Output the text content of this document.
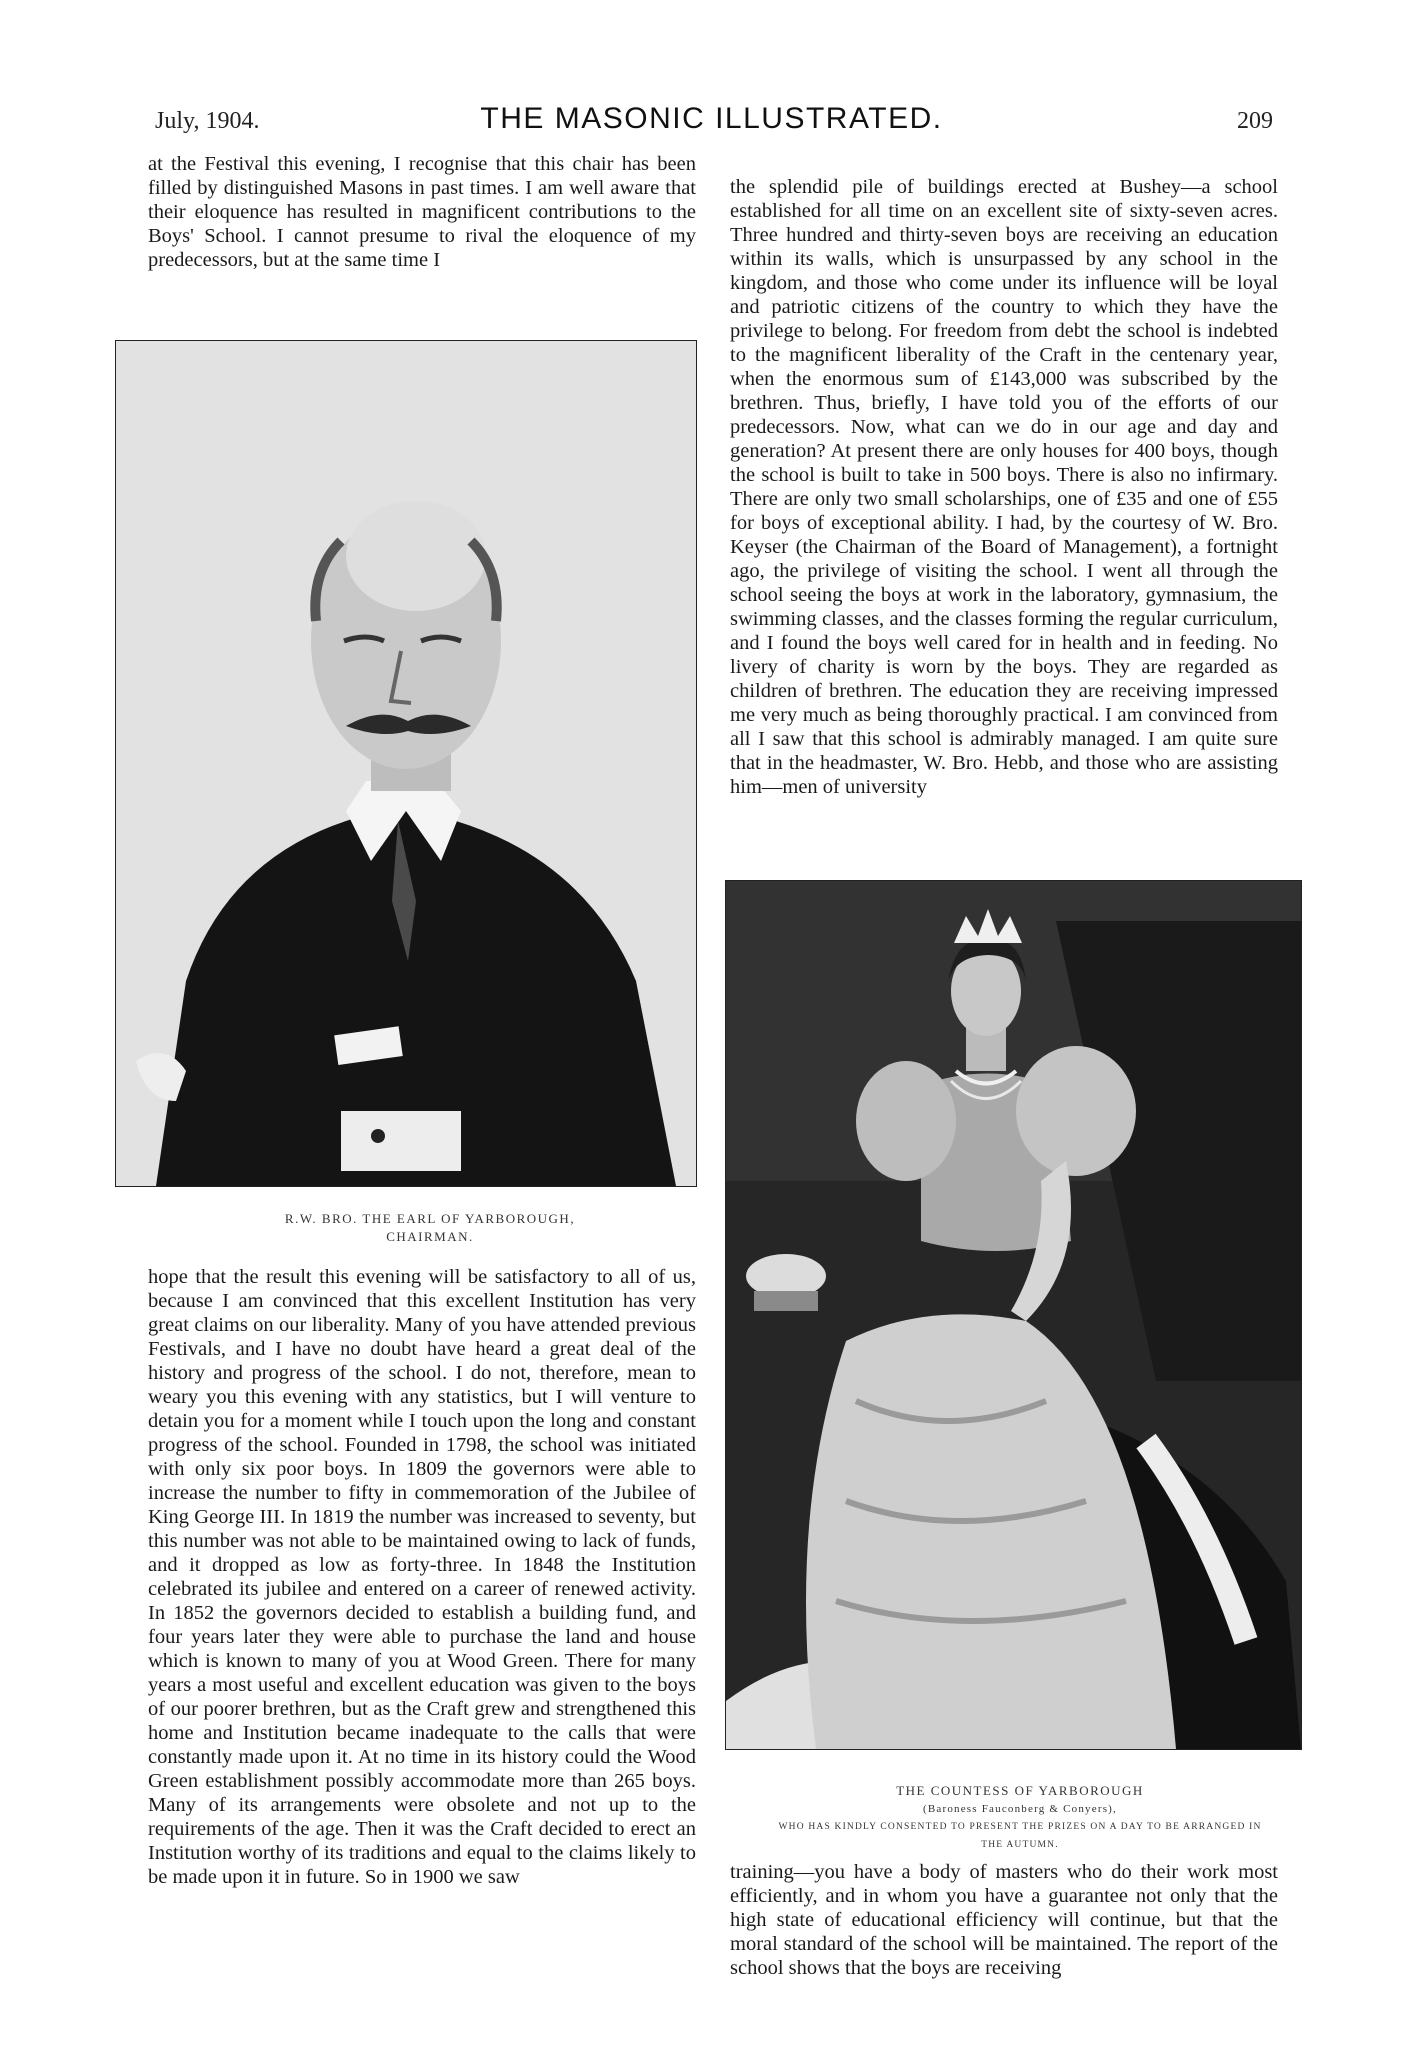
July, 1904.	THE MASONIC ILLUSTRATED.	209

at the Festival this evening, I recognise that this chair has been filled by distinguished Masons in past times. I am well aware that their eloquence has resulted in magnificent contributions to the Boys' School. I cannot presume to rival the eloquence of my predecessors, but at the same time I

R.W. BRO. THE EARL OF YARBOROUGH,
CHAIRMAN.

hope that the result this evening will be satisfactory to all of us, because I am convinced that this excellent Institution has very great claims on our liberality. Many of you have attended previous Festivals, and I have no doubt have heard a great deal of the history and progress of the school. I do not, therefore, mean to weary you this evening with any statistics, but I will venture to detain you for a moment while I touch upon the long and constant progress of the school. Founded in 1798, the school was initiated with only six poor boys. In 1809 the governors were able to increase the number to fifty in commemoration of the Jubilee of King George III. In 1819 the number was increased to seventy, but this number was not able to be maintained owing to lack of funds, and it dropped as low as forty-three. In 1848 the Institution celebrated its jubilee and entered on a career of renewed activity. In 1852 the governors decided to establish a building fund, and four years later they were able to purchase the land and house which is known to many of you at Wood Green. There for many years a most useful and excellent education was given to the boys of our poorer brethren, but as the Craft grew and strengthened this home and Institution became inadequate to the calls that were constantly made upon it. At no time in its history could the Wood Green establishment possibly accommodate more than 265 boys. Many of its arrangements were obsolete and not up to the requirements of the age. Then it was the Craft decided to erect an Institution worthy of its traditions and equal to the claims likely to be made upon it in future. So in 1900 we saw

the splendid pile of buildings erected at Bushey—a school established for all time on an excellent site of sixty-seven acres. Three hundred and thirty-seven boys are receiving an education within its walls, which is unsurpassed by any school in the kingdom, and those who come under its influence will be loyal and patriotic citizens of the country to which they have the privilege to belong. For freedom from debt the school is indebted to the magnificent liberality of the Craft in the centenary year, when the enormous sum of £143,000 was subscribed by the brethren. Thus, briefly, I have told you of the efforts of our predecessors. Now, what can we do in our age and day and generation? At present there are only houses for 400 boys, though the school is built to take in 500 boys. There is also no infirmary. There are only two small scholarships, one of £35 and one of £55 for boys of exceptional ability. I had, by the courtesy of W. Bro. Keyser (the Chairman of the Board of Management), a fortnight ago, the privilege of visiting the school. I went all through the school seeing the boys at work in the laboratory, gymnasium, the swimming classes, and the classes forming the regular curriculum, and I found the boys well cared for in health and in feeding. No livery of charity is worn by the boys. They are regarded as children of brethren. The education they are receiving impressed me very much as being thoroughly practical. I am convinced from all I saw that this school is admirably managed. I am quite sure that in the headmaster, W. Bro. Hebb, and those who are assisting him—men of university

THE COUNTESS OF YARBOROUGH
(Baroness Fauconberg & Conyers),
WHO HAS KINDLY CONSENTED TO PRESENT THE PRIZES ON A DAY TO BE ARRANGED IN THE AUTUMN.

training—you have a body of masters who do their work most efficiently, and in whom you have a guarantee not only that the high state of educational efficiency will continue, but that the moral standard of the school will be maintained. The report of the school shows that the boys are receiving
